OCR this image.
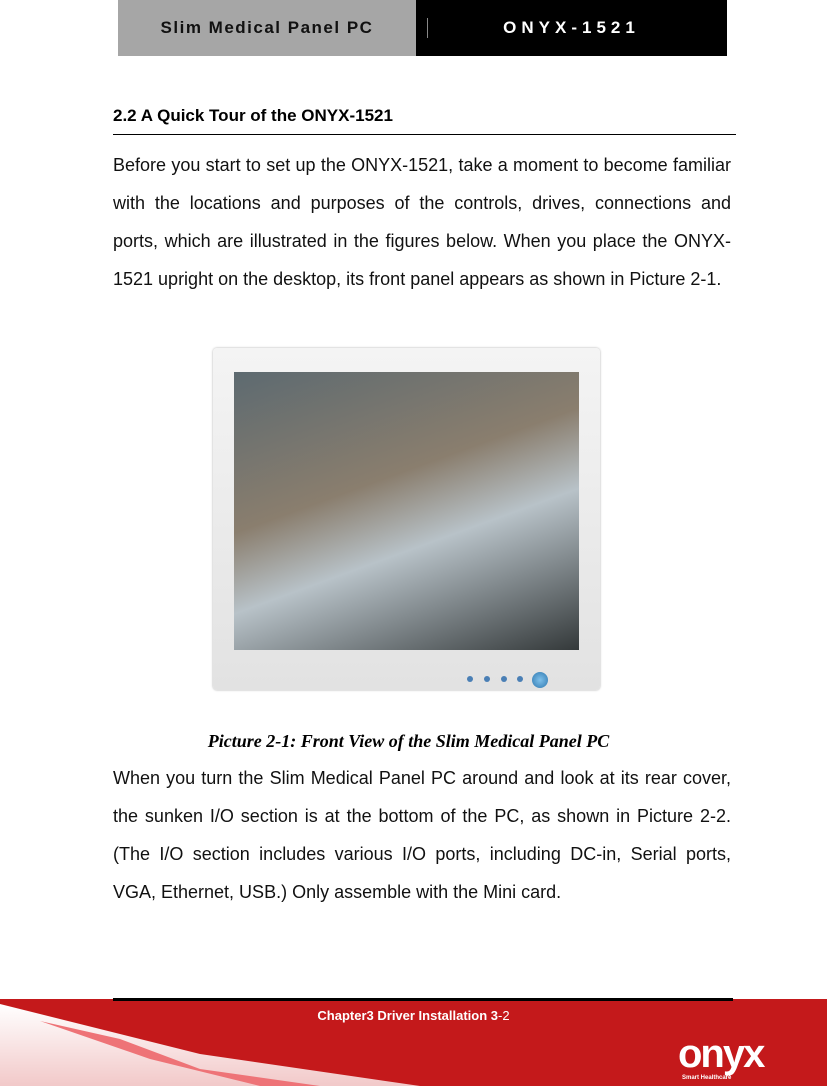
Slim Medical Panel PC	ONYX-1521
2.2 A Quick Tour of the ONYX-1521

Before you start to set up the ONYX-1521, take a moment to become familiar with the locations and purposes of the controls, drives, connections and ports, which are illustrated in the figures below. When you place the ONYX-1521 upright on the desktop, its front panel appears as shown in Picture 2-1.

Picture 2-1: Front View of the Slim Medical Panel PC

When you turn the Slim Medical Panel PC around and look at its rear cover, the sunken I/O section is at the bottom of the PC, as shown in Picture 2-2. (The I/O section includes various I/O ports, including DC-in, Serial ports, VGA, Ethernet, USB.) Only assemble with the Mini card.

Chapter3 Driver Installation 3-2
onyx
Smart Healthcare
